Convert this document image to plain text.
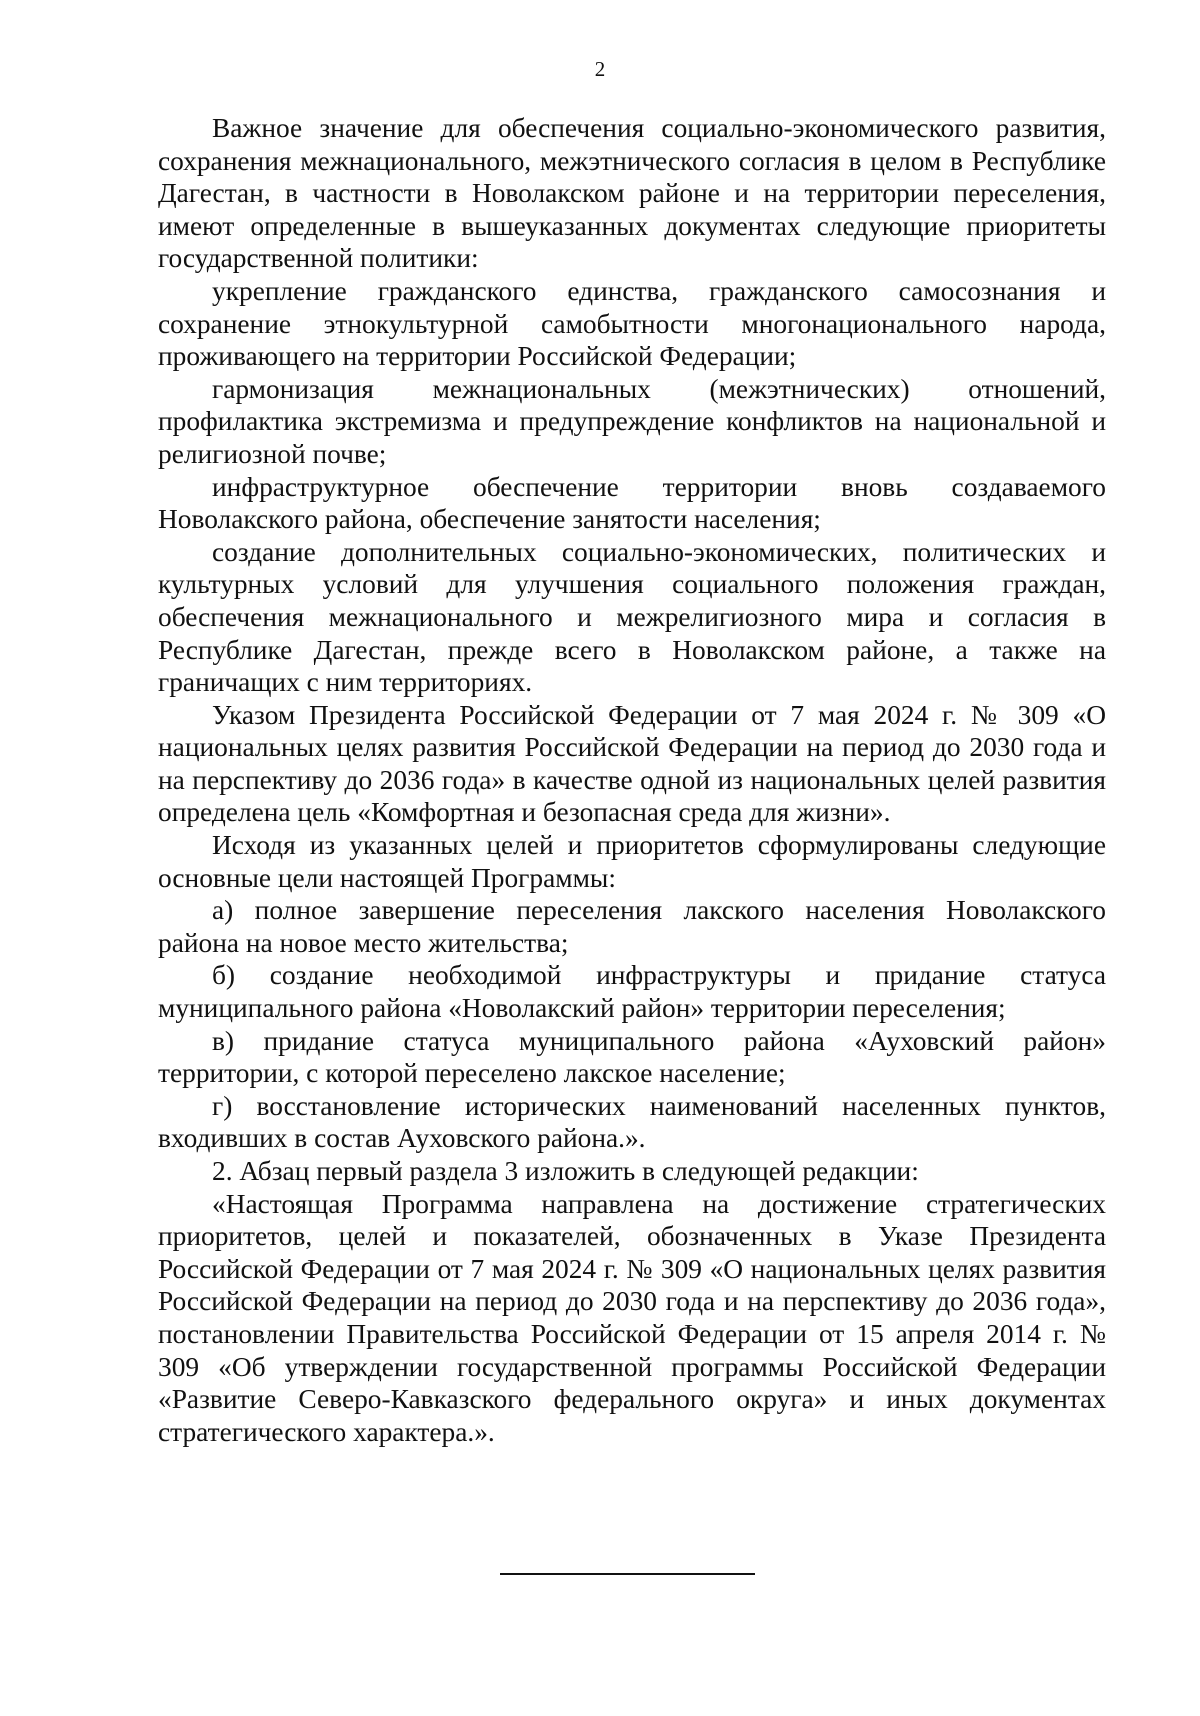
2

Важное значение для обеспечения социально-экономического развития, сохранения межнационального, межэтнического согласия в целом в Республике Дагестан, в частности в Новолакском районе и на территории переселения, имеют определенные в вышеуказанных документах следующие приоритеты государственной политики:

укрепление гражданского единства, гражданского самосознания и сохранение этнокультурной самобытности многонационального народа, проживающего на территории Российской Федерации;

гармонизация межнациональных (межэтнических) отношений, профилактика экстремизма и предупреждение конфликтов на национальной и религиозной почве;

инфраструктурное обеспечение территории вновь создаваемого Новолакского района, обеспечение занятости населения;

создание дополнительных социально-экономических, политических и культурных условий для улучшения социального положения граждан, обеспечения межнационального и межрелигиозного мира и согласия в Республике Дагестан, прежде всего в Новолакском районе, а также на граничащих с ним территориях.

Указом Президента Российской Федерации от 7 мая 2024 г. № 309 «О национальных целях развития Российской Федерации на период до 2030 года и на перспективу до 2036 года» в качестве одной из национальных целей развития определена цель «Комфортная и безопасная среда для жизни».

Исходя из указанных целей и приоритетов сформулированы следующие основные цели настоящей Программы:

а) полное завершение переселения лакского населения Новолакского района на новое место жительства;

б) создание необходимой инфраструктуры и придание статуса муниципального района «Новолакский район» территории переселения;

в) придание статуса муниципального района «Ауховский район» территории, с которой переселено лакское население;

г) восстановление исторических наименований населенных пунктов, входивших в состав Ауховского района.».

2. Абзац первый раздела 3 изложить в следующей редакции:

«Настоящая Программа направлена на достижение стратегических приоритетов, целей и показателей, обозначенных в Указе Президента Российской Федерации от 7 мая 2024 г. № 309 «О национальных целях развития Российской Федерации на период до 2030 года и на перспективу до 2036 года», постановлении Правительства Российской Федерации от 15 апреля 2014 г. № 309 «Об утверждении государственной программы Российской Федерации «Развитие Северо-Кавказского федерального округа» и иных документах стратегического характера.».
